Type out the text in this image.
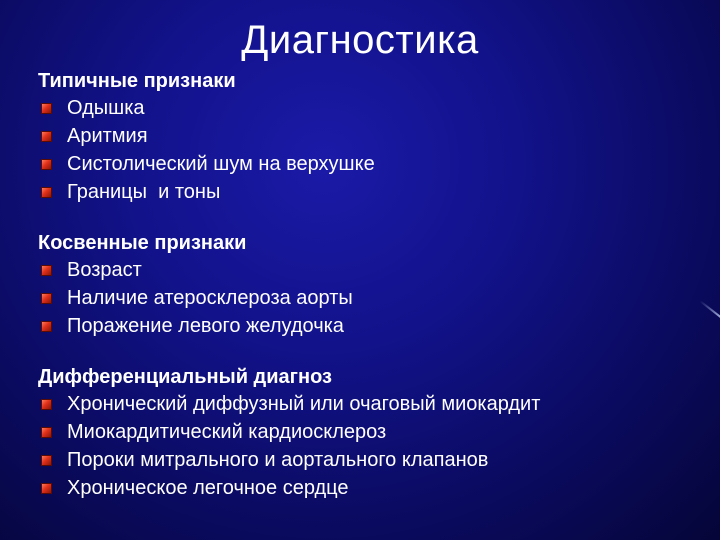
Диагностика
Типичные признаки
Одышка
Аритмия
Систолический шум на верхушке
Границы  и тоны
Косвенные признаки
Возраст
Наличие атеросклероза аорты
Поражение левого желудочка
Дифференциальный диагноз
Хронический диффузный или очаговый миокардит
Миокардитический кардиосклероз
Пороки митрального и аортального клапанов
Хроническое легочное сердце
